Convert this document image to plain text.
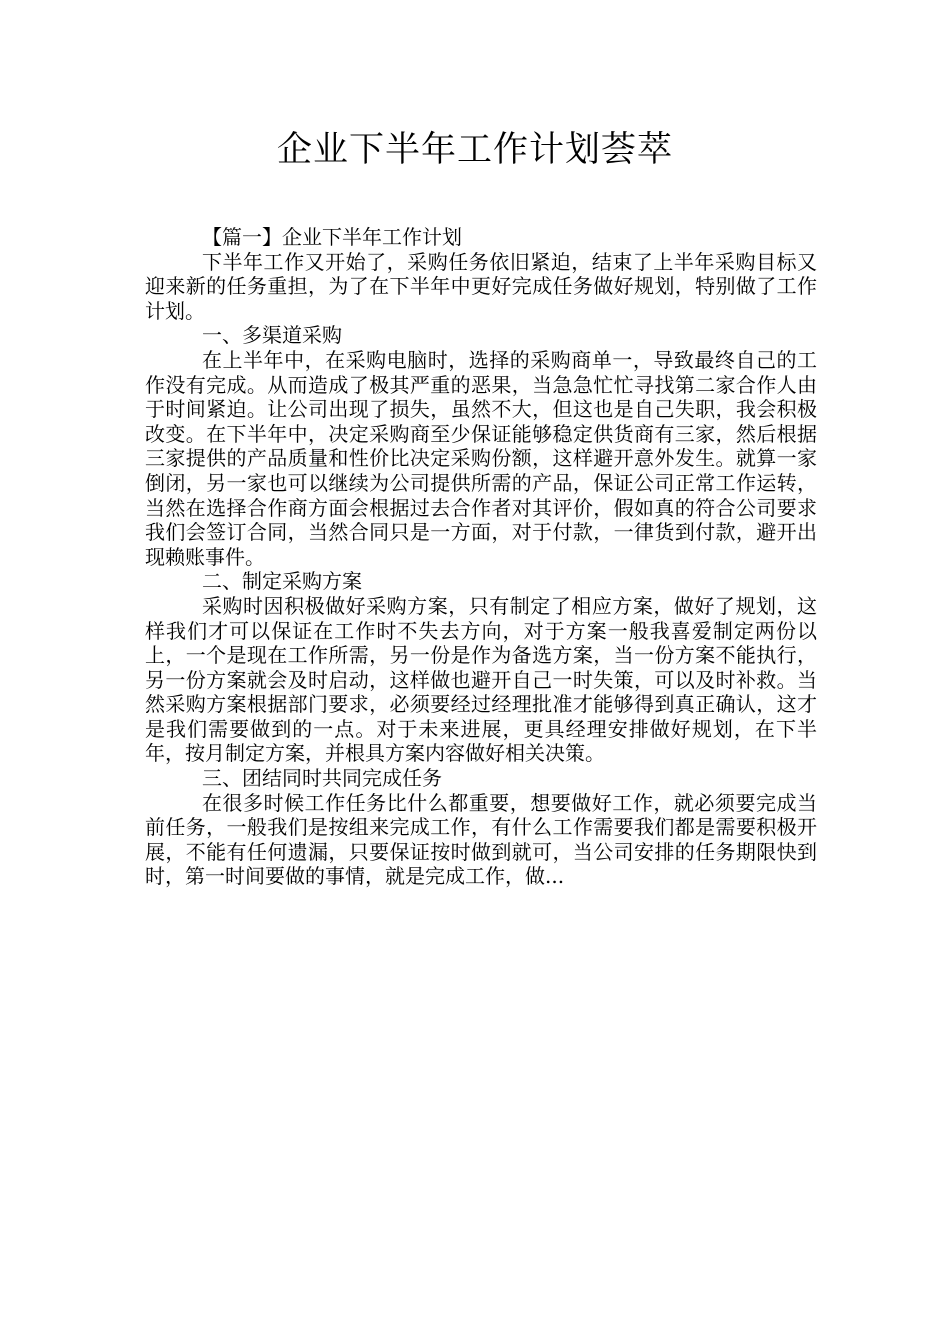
企业下半年工作计划荟萃

【篇一】企业下半年工作计划

下半年工作又开始了，采购任务依旧紧迫，结束了上半年采购目标又迎来新的任务重担，为了在下半年中更好完成任务做好规划，特别做了工作计划。

一、多渠道采购

在上半年中，在采购电脑时，选择的采购商单一，导致最终自己的工作没有完成。从而造成了极其严重的恶果，当急急忙忙寻找第二家合作人由于时间紧迫。让公司出现了损失，虽然不大，但这也是自己失职，我会积极改变。在下半年中，决定采购商至少保证能够稳定供货商有三家，然后根据三家提供的产品质量和性价比决定采购份额，这样避开意外发生。就算一家倒闭，另一家也可以继续为公司提供所需的产品，保证公司正常工作运转，当然在选择合作商方面会根据过去合作者对其评价，假如真的符合公司要求我们会签订合同，当然合同只是一方面，对于付款，一律货到付款，避开出现赖账事件。

二、制定采购方案

采购时因积极做好采购方案，只有制定了相应方案，做好了规划，这样我们才可以保证在工作时不失去方向，对于方案一般我喜爱制定两份以上，一个是现在工作所需，另一份是作为备选方案，当一份方案不能执行，另一份方案就会及时启动，这样做也避开自己一时失策，可以及时补救。当然采购方案根据部门要求，必须要经过经理批准才能够得到真正确认，这才是我们需要做到的一点。对于未来进展，更具经理安排做好规划，在下半年，按月制定方案，并根具方案内容做好相关决策。

三、团结同时共同完成任务

在很多时候工作任务比什么都重要，想要做好工作，就必须要完成当前任务，一般我们是按组来完成工作，有什么工作需要我们都是需要积极开展，不能有任何遗漏，只要保证按时做到就可，当公司安排的任务期限快到时，第一时间要做的事情，就是完成工作，做...
